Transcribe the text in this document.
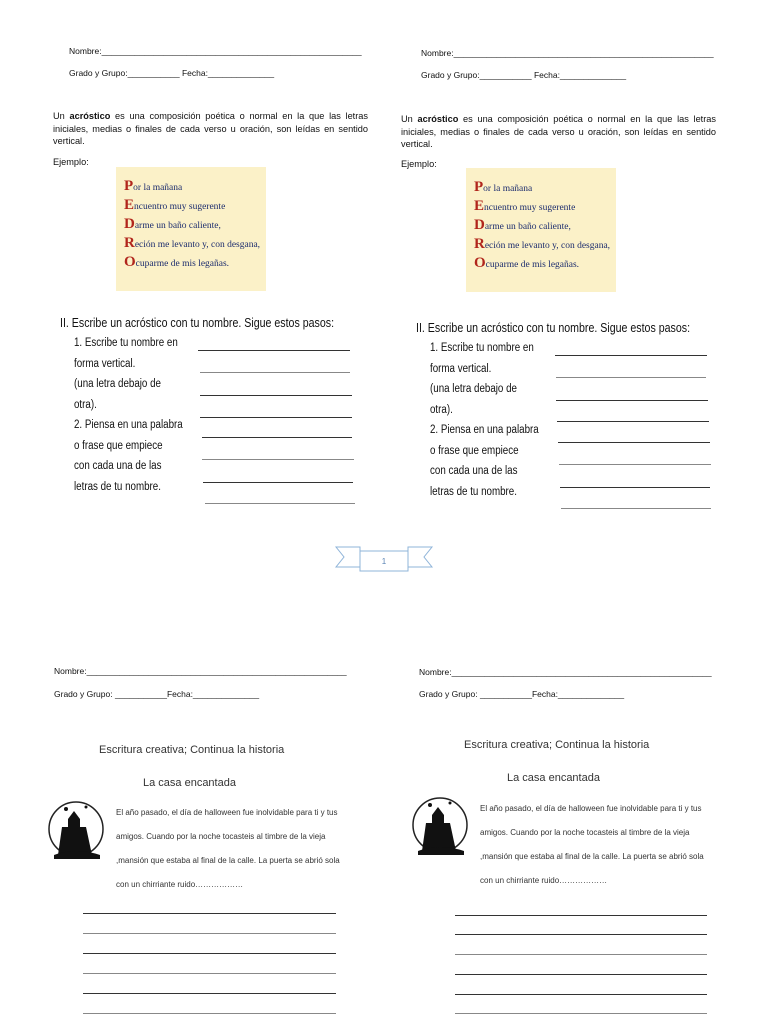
Nombre:_______________________________________________________
Grado y Grupo:___________ Fecha:______________
Un acróstico es una composición poética o normal en la que las letras iniciales, medias o finales de cada verso u oración, son leídas en sentido vertical.
Ejemplo:
Por la mañana
Encuentro muy sugerente
Darme un baño caliente,
Reción me levanto y, con desgana,
Ocuparme de mis legañas.
II. Escribe un acróstico con tu nombre. Sigue estos pasos:
1. Escribe tu nombre en
forma vertical.
(una letra debajo de
otra).
2. Piensa en una palabra
o frase que empiece
con cada una de las
letras de tu nombre.
Nombre:_______________________________________________________
Grado y Grupo:___________ Fecha:______________
Un acróstico es una composición poética o normal en la que las letras iniciales, medias o finales de cada verso u oración, son leídas en sentido vertical.
Ejemplo:
Por la mañana
Encuentro muy sugerente
Darme un baño caliente,
Reción me levanto y, con desgana,
Ocuparme de mis legañas.
II. Escribe un acróstico con tu nombre. Sigue estos pasos:
1. Escribe tu nombre en
forma vertical.
(una letra debajo de
otra).
2. Piensa en una palabra
o frase que empiece
con cada una de las
letras de tu nombre.
1
Nombre:_______________________________________________________
Grado y Grupo: ___________Fecha:______________
Escritura creativa; Continua la historia
La casa encantada
El año pasado, el día de halloween fue inolvidable para ti y tus amigos. Cuando por la noche tocasteis al timbre de la vieja ,mansión que estaba al final de la calle. La puerta se abrió sola con un chirriante ruido………………
Nombre:_______________________________________________________
Grado y Grupo: ___________Fecha:______________
Escritura creativa; Continua la historia
La casa encantada
El año pasado, el día de halloween fue inolvidable para ti y tus amigos. Cuando por la noche tocasteis al timbre de la vieja ,mansión que estaba al final de la calle. La puerta se abrió sola con un chirriante ruido………………
